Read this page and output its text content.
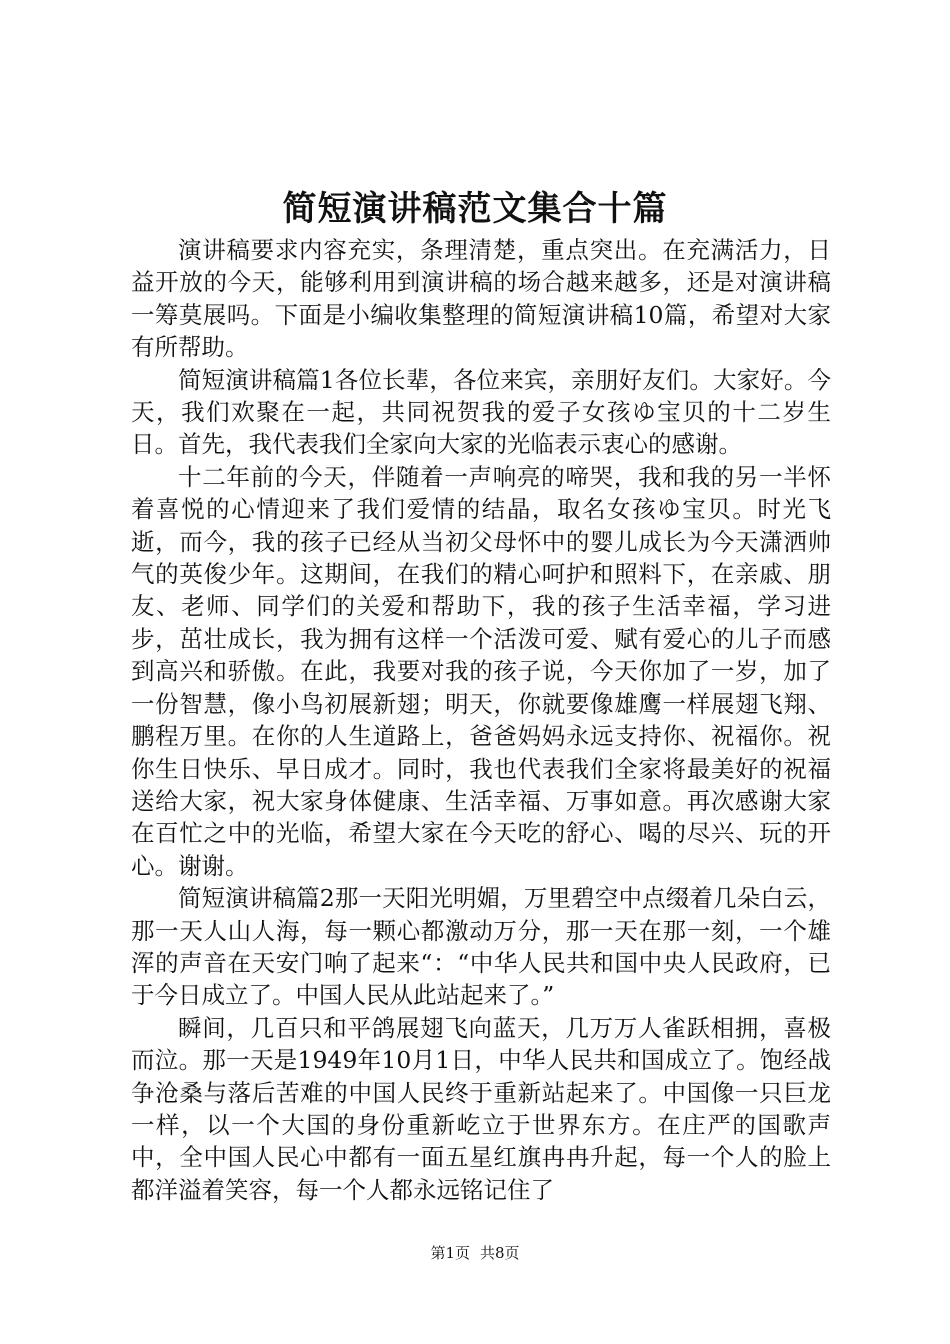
简短演讲稿范文集合十篇

演讲稿要求内容充实，条理清楚，重点突出。在充满活力，日益开放的今天，能够利用到演讲稿的场合越来越多，还是对演讲稿一筹莫展吗。下面是小编收集整理的简短演讲稿10篇，希望对大家有所帮助。

简短演讲稿篇1各位长辈，各位来宾，亲朋好友们。大家好。今天，我们欢聚在一起，共同祝贺我的爱子女孩ゆ宝贝的十二岁生日。首先，我代表我们全家向大家的光临表示衷心的感谢。

十二年前的今天，伴随着一声响亮的啼哭，我和我的另一半怀着喜悦的心情迎来了我们爱情的结晶，取名女孩ゆ宝贝。时光飞逝，而今，我的孩子已经从当初父母怀中的婴儿成长为今天潇洒帅气的英俊少年。这期间，在我们的精心呵护和照料下，在亲戚、朋友、老师、同学们的关爱和帮助下，我的孩子生活幸福，学习进步，茁壮成长，我为拥有这样一个活泼可爱、赋有爱心的儿子而感到高兴和骄傲。在此，我要对我的孩子说，今天你加了一岁，加了一份智慧，像小鸟初展新翅；明天，你就要像雄鹰一样展翅飞翔、鹏程万里。在你的人生道路上，爸爸妈妈永远支持你、祝福你。祝你生日快乐、早日成才。同时，我也代表我们全家将最美好的祝福送给大家，祝大家身体健康、生活幸福、万事如意。再次感谢大家在百忙之中的光临，希望大家在今天吃的舒心、喝的尽兴、玩的开心。谢谢。

简短演讲稿篇2那一天阳光明媚，万里碧空中点缀着几朵白云，那一天人山人海，每一颗心都激动万分，那一天在那一刻，一个雄浑的声音在天安门响了起来“：“中华人民共和国中央人民政府，已于今日成立了。中国人民从此站起来了。”

瞬间，几百只和平鸽展翅飞向蓝天，几万万人雀跃相拥，喜极而泣。那一天是1949年10月1日，中华人民共和国成立了。饱经战争沧桑与落后苦难的中国人民终于重新站起来了。中国像一只巨龙一样，以一个大国的身份重新屹立于世界东方。在庄严的国歌声中，全中国人民心中都有一面五星红旗冉冉升起，每一个人的脸上都洋溢着笑容，每一个人都永远铭记住了

第1页 共8页
